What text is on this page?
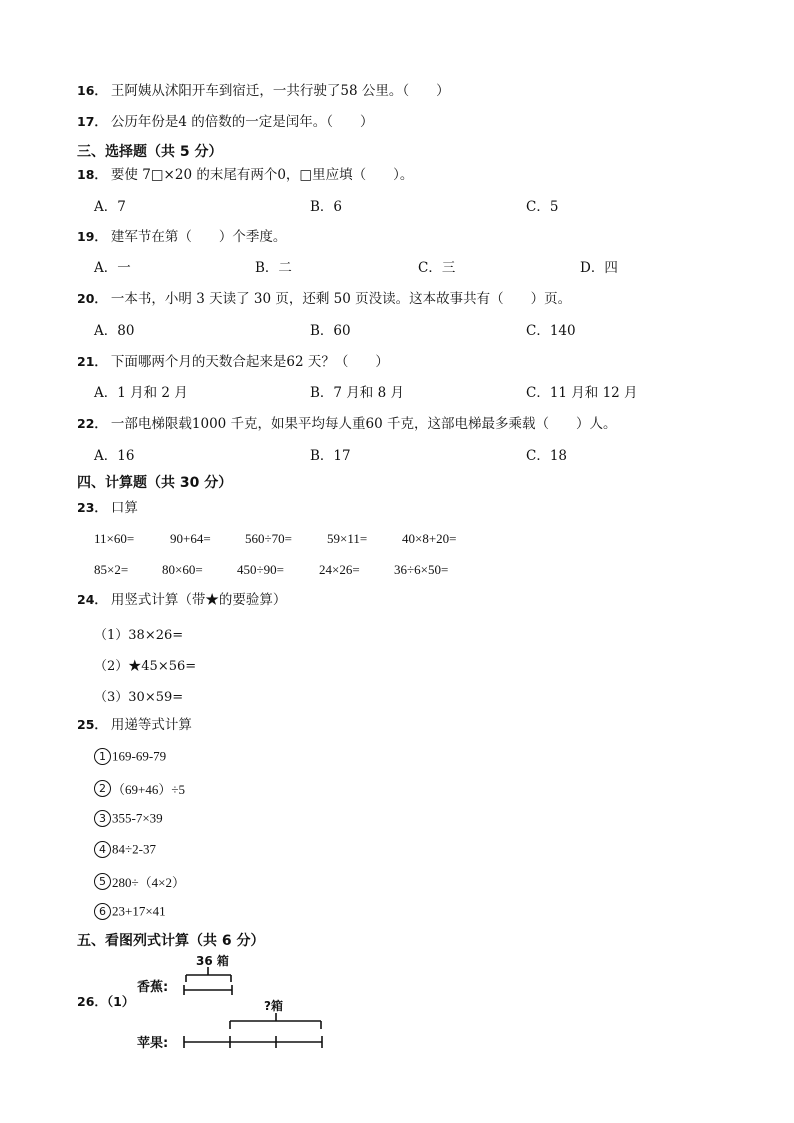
16． 王阿姨从沭阳开车到宿迁，一共行驶了58 公里。（　　）
17． 公历年份是4 的倍数的一定是闰年。（　　）
三、选择题（共 5 分）
18． 要使 7□×20 的末尾有两个0，□里应填（　　）。
A．7	B．6	C．5
19． 建军节在第（　　）个季度。
A．一	B．二	C．三	D．四
20． 一本书，小明 3 天读了 30 页，还剩 50 页没读。这本故事共有（　　）页。
A．80	B．60	C．140
21． 下面哪两个月的天数合起来是62 天？（　　）
A．1 月和 2 月	B．7 月和 8 月	C．11 月和 12 月
22． 一部电梯限载1000 千克，如果平均每人重60 千克，这部电梯最多乘载（　　）人。
A．16	B．17	C．18
四、计算题（共 30 分）
23． 口算
11×60=	90+64=	560÷70=	59×11=	40×8+20=
85×2=	80×60=	450÷90=	24×26=	36÷6×50=
24． 用竖式计算（带★的要验算）
（1）38×26=
（2）★45×56=
（3）30×59=
25． 用递等式计算
1 169-69-79
2 （69+46）÷5
3 355-7×39
4 84÷2-37
5 280÷（4×2）
6 23+17×41
五、看图列式计算（共 6 分）
26．（1）
香蕉:
36 箱
苹果:
?箱
